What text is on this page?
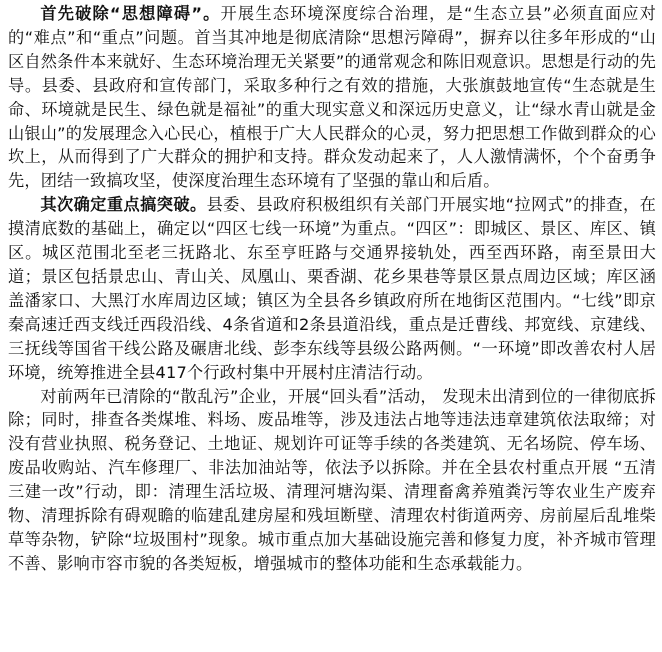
首先破除“思想障碍”。开展生态环境深度综合治理，是“生态立县”必须直面应对的“难点”和“重点”问题。首当其冲地是彻底清除“思想污障碍”，摒弃以往多年形成的“山区自然条件本来就好、生态环境治理无关紧要”的通常观念和陈旧观意识。思想是行动的先导。县委、县政府和宣传部门，采取多种行之有效的措施，大张旗鼓地宣传“生态就是生命、环境就是民生、绿色就是福祉”的重大现实意义和深远历史意义，让“绿水青山就是金山银山”的发展理念入心民心，植根于广大人民群众的心灵，努力把思想工作做到群众的心坎上，从而得到了广大群众的拥护和支持。群众发动起来了，人人激情满怀，个个奋勇争先，团结一致搞攻坚，使深度治理生态环境有了坚强的靠山和后盾。

其次确定重点搞突破。县委、县政府积极组织有关部门开展实地“拉网式”的排查，在摸清底数的基础上，确定以“四区七线一环境”为重点。“四区”：即城区、景区、库区、镇区。城区范围北至老三抚路北、东至亨旺路与交通界接轨处，西至西环路，南至景田大道；景区包括景忠山、青山关、凤凰山、栗香湖、花乡果巷等景区景点周边区域；库区涵盖潘家口、大黑汀水库周边区域；镇区为全县各乡镇政府所在地街区范围内。“七线”即京秦高速迁西支线迁西段沿线、4条省道和2条县道沿线，重点是迁曹线、邦宽线、京建线、三抚线等国省干线公路及碾唐北线、彭李东线等县级公路两侧。“一环境”即改善农村人居环境，统筹推进全县417个行政村集中开展村庄清洁行动。

对前两年已清除的“散乱污”企业，开展“回头看”活动， 发现未出清到位的一律彻底拆除；同时，排查各类煤堆、料场、废品堆等，涉及违法占地等违法违章建筑依法取缔；对没有营业执照、税务登记、土地证、规划许可证等手续的各类建筑、无名场院、停车场、废品收购站、汽车修理厂、非法加油站等，依法予以拆除。并在全县农村重点开展 “五清三建一改”行动，即：清理生活垃圾、清理河塘沟渠、清理畜禽养殖粪污等农业生产废弃物、清理拆除有碍观瞻的临建乱建房屋和残垣断壁、清理农村街道两旁、房前屋后乱堆柴草等杂物，铲除“垃圾围村”现象。城市重点加大基础设施完善和修复力度，补齐城市管理不善、影响市容市貌的各类短板，增强城市的整体功能和生态承载能力。
